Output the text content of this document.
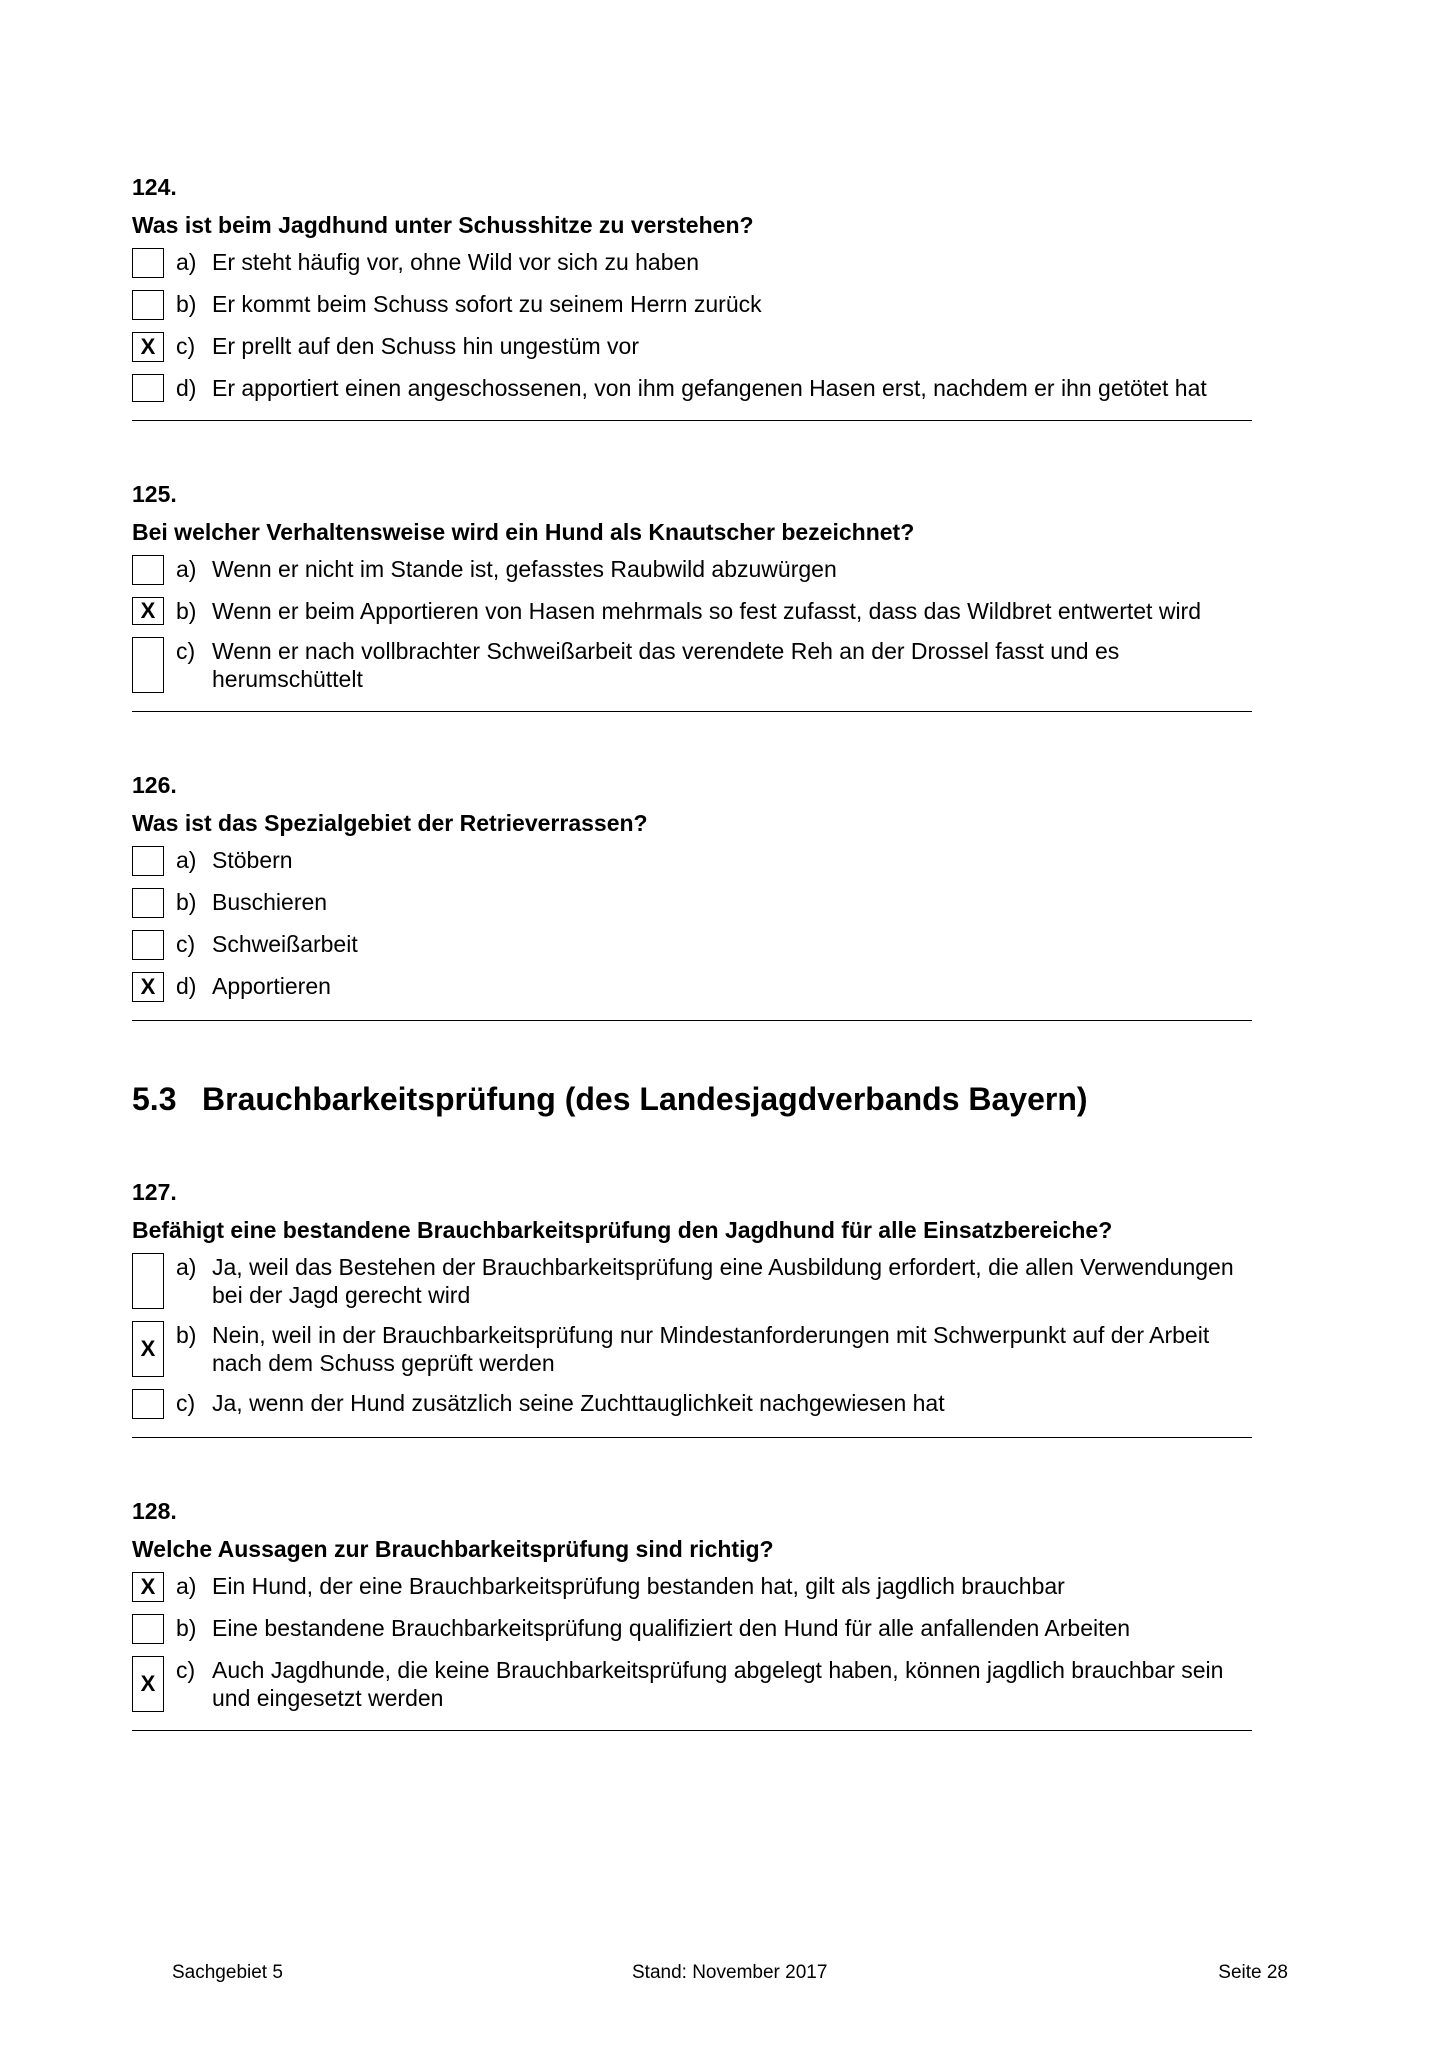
124.
Was ist beim Jagdhund unter Schusshitze zu verstehen?
a) Er steht häufig vor, ohne Wild vor sich zu haben
b) Er kommt beim Schuss sofort zu seinem Herrn zurück
X c) Er prellt auf den Schuss hin ungestüm vor
d) Er apportiert einen angeschossenen, von ihm gefangenen Hasen erst, nachdem er ihn getötet hat
125.
Bei welcher Verhaltensweise wird ein Hund als Knautscher bezeichnet?
a) Wenn er nicht im Stande ist, gefasstes Raubwild abzuwürgen
X b) Wenn er beim Apportieren von Hasen mehrmals so fest zufasst, dass das Wildbret entwertet wird
c) Wenn er nach vollbrachter Schweißarbeit das verendete Reh an der Drossel fasst und es herumschüttelt
126.
Was ist das Spezialgebiet der Retrieverrassen?
a) Stöbern
b) Buschieren
c) Schweißarbeit
X d) Apportieren
5.3 Brauchbarkeitsprüfung (des Landesjagdverbands Bayern)
127.
Befähigt eine bestandene Brauchbarkeitsprüfung den Jagdhund für alle Einsatzbereiche?
a) Ja, weil das Bestehen der Brauchbarkeitsprüfung eine Ausbildung erfordert, die allen Verwendungen bei der Jagd gerecht wird
X
b) Nein, weil in der Brauchbarkeitsprüfung nur Mindestanforderungen mit Schwerpunkt auf der Arbeit nach dem Schuss geprüft werden
c) Ja, wenn der Hund zusätzlich seine Zuchttauglichkeit nachgewiesen hat
128.
Welche Aussagen zur Brauchbarkeitsprüfung sind richtig?
X a) Ein Hund, der eine Brauchbarkeitsprüfung bestanden hat, gilt als jagdlich brauchbar
b) Eine bestandene Brauchbarkeitsprüfung qualifiziert den Hund für alle anfallenden Arbeiten
X
c) Auch Jagdhunde, die keine Brauchbarkeitsprüfung abgelegt haben, können jagdlich brauchbar sein und eingesetzt werden
Sachgebiet 5	Stand: November 2017	Seite 28
